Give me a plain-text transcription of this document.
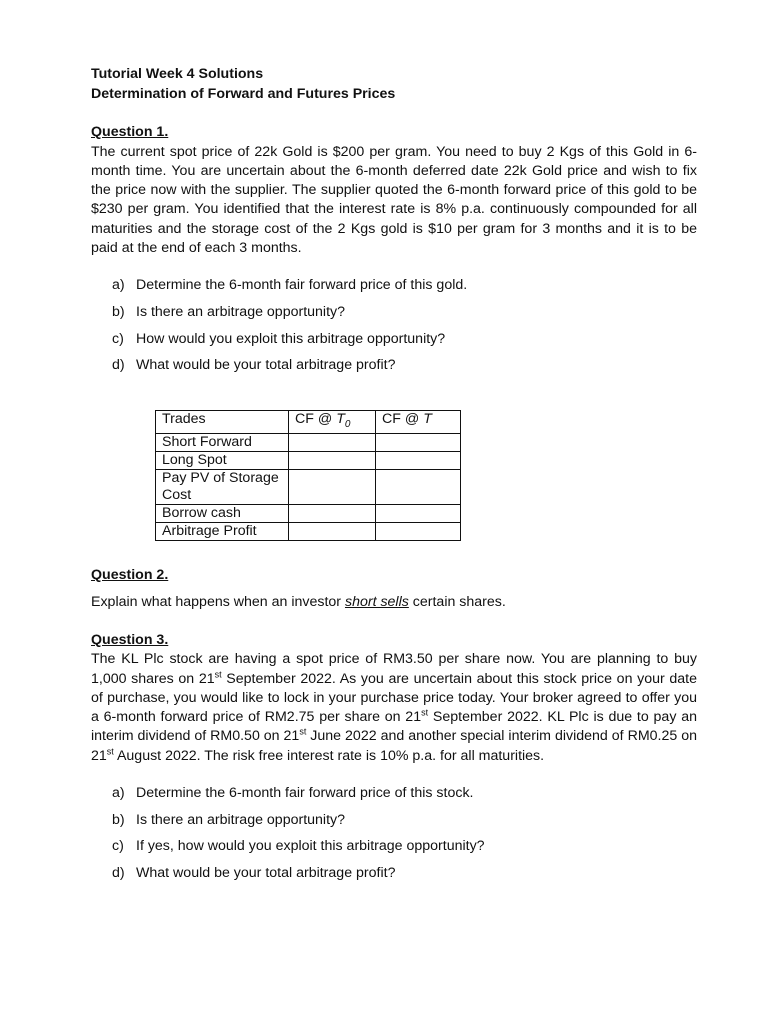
Tutorial Week 4 Solutions
Determination of Forward and Futures Prices
Question 1.
The current spot price of 22k Gold is $200 per gram. You need to buy 2 Kgs of this Gold in 6-month time. You are uncertain about the 6-month deferred date 22k Gold price and wish to fix the price now with the supplier. The supplier quoted the 6-month forward price of this gold to be $230 per gram. You identified that the interest rate is 8% p.a. continuously compounded for all maturities and the storage cost of the 2 Kgs gold is $10 per gram for 3 months and it is to be paid at the end of each 3 months.
a) Determine the 6-month fair forward price of this gold.
b) Is there an arbitrage opportunity?
c) How would you exploit this arbitrage opportunity?
d) What would be your total arbitrage profit?
Trades	CF @ $T_0$	CF @ T
Short Forward		
Long Spot		
Pay PV of Storage Cost		
Borrow cash		
Arbitrage Profit		
Question 2.
Explain what happens when an investor short sells certain shares.
Question 3.
The KL Plc stock are having a spot price of RM3.50 per share now. You are planning to buy 1,000 shares on 21st September 2022. As you are uncertain about this stock price on your date of purchase, you would like to lock in your purchase price today. Your broker agreed to offer you a 6-month forward price of RM2.75 per share on 21st September 2022. KL Plc is due to pay an interim dividend of RM0.50 on 21st June 2022 and another special interim dividend of RM0.25 on 21st August 2022. The risk free interest rate is 10% p.a. for all maturities.
a) Determine the 6-month fair forward price of this stock.
b) Is there an arbitrage opportunity?
c) If yes, how would you exploit this arbitrage opportunity?
d) What would be your total arbitrage profit?
